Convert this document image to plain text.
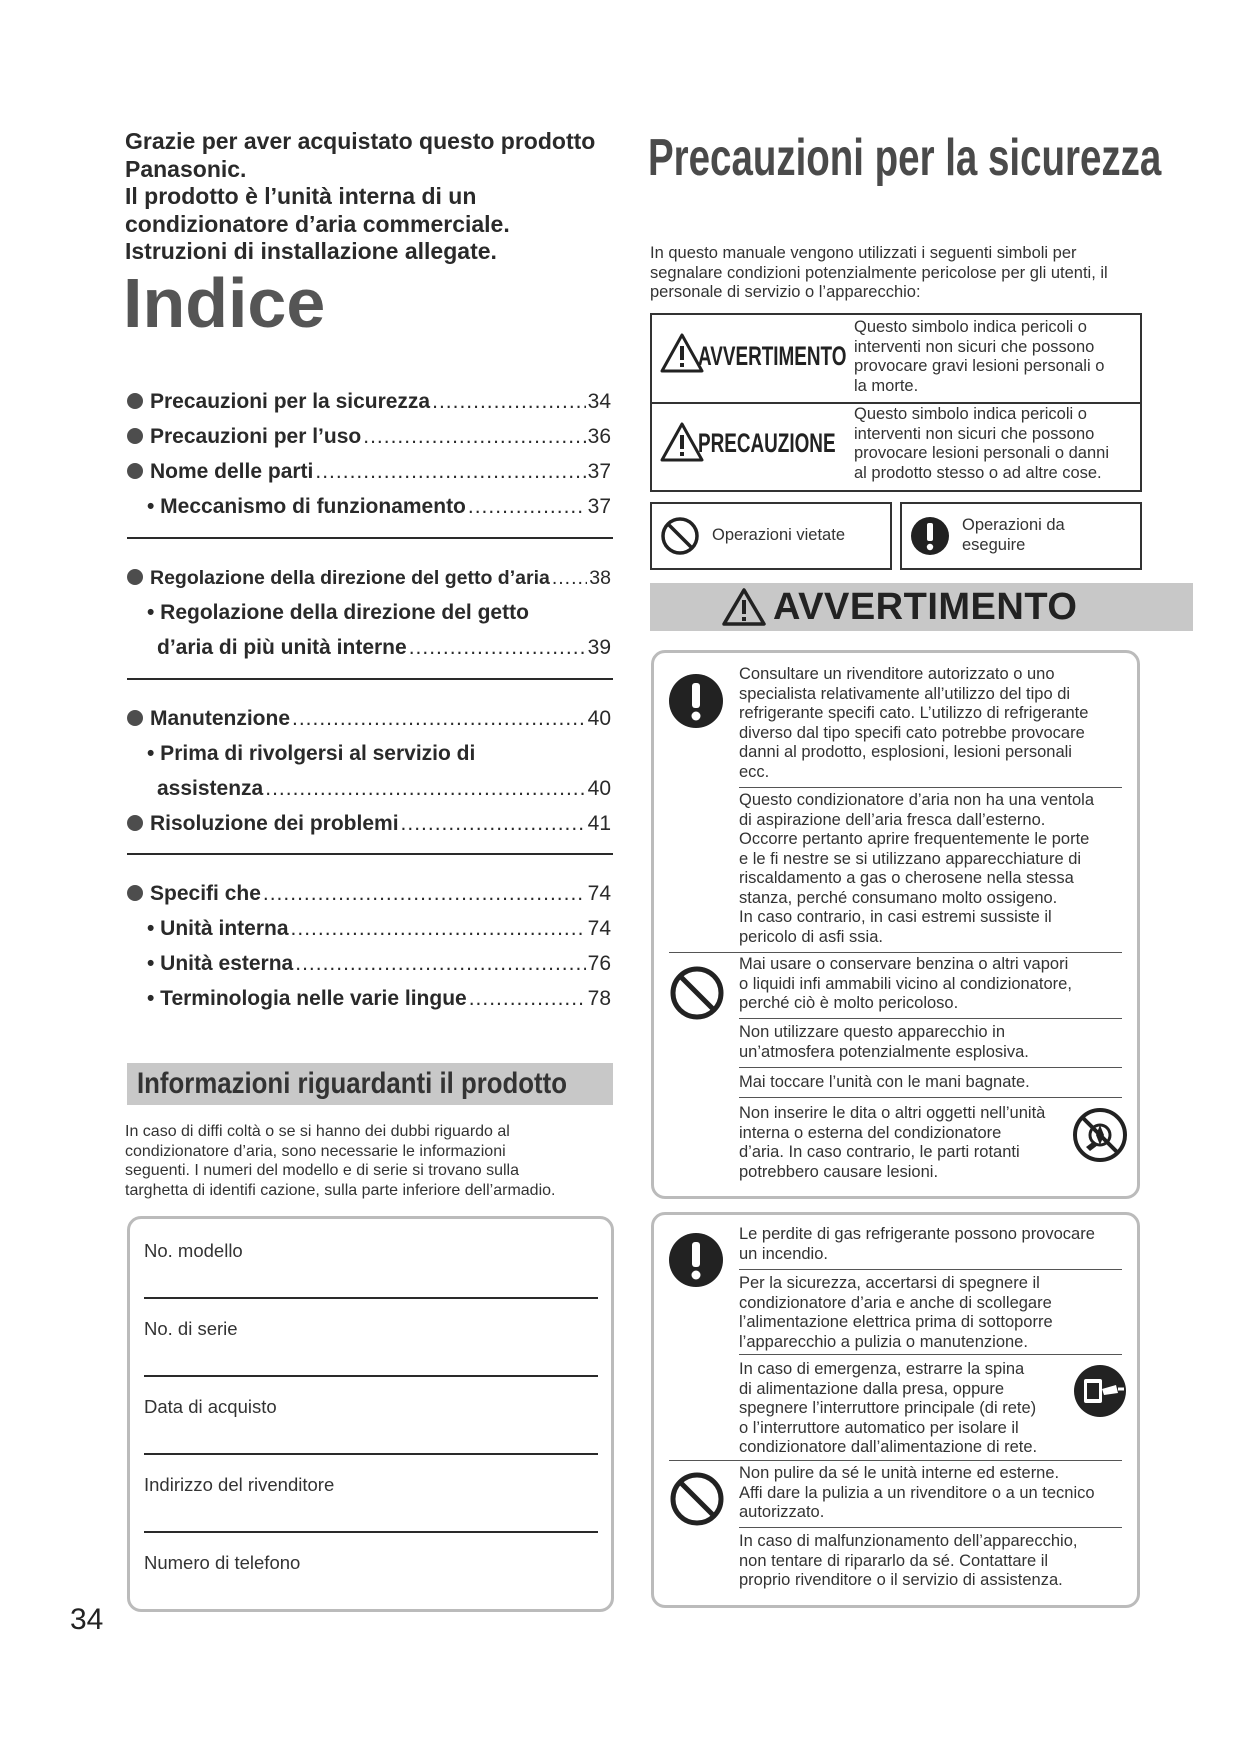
Grazie per aver acquistato questo prodotto
Panasonic.
Il prodotto è l’unità interna di un
condizionatore d’aria commerciale.
Istruzioni di installazione allegate.
Indice
Precauzioni per la sicurezza .....	34
Precauzioni per l’uso .....	36
Nome delle parti .....	37
• Meccanismo di funzionamento .....	37
Regolazione della direzione del getto d’aria ..... 38
• Regolazione della direzione del getto
d’aria di più unità interne .....	39
Manutenzione .....	40
• Prima di rivolgersi al servizio di
assistenza .....	40
Risoluzione dei problemi .....	41
Specifi che .....	74
• Unità interna .....	74
• Unità esterna .....	76
• Terminologia nelle varie lingue .....	78
Informazioni riguardanti il prodotto
In caso di diffi coltà o se si hanno dei dubbi riguardo al
condizionatore d’aria, sono necessarie le informazioni
seguenti. I numeri del modello e di serie si trovano sulla
targhetta di identifi cazione, sulla parte inferiore dell’armadio.
No. modello
No. di serie
Data di acquisto
Indirizzo del rivenditore
Numero di telefono
34
Precauzioni per la sicurezza
In questo manuale vengono utilizzati i seguenti simboli per
segnalare condizioni potenzialmente pericolose per gli utenti, il
personale di servizio o l’apparecchio:
AVVERTIMENTO
Questo simbolo indica pericoli o
interventi non sicuri che possono
provocare gravi lesioni personali o
la morte.
PRECAUZIONE
Questo simbolo indica pericoli o
interventi non sicuri che possono
provocare lesioni personali o danni
al prodotto stesso o ad altre cose.
Operazioni vietate
Operazioni da
eseguire
AVVERTIMENTO
Consultare un rivenditore autorizzato o uno
specialista relativamente all’utilizzo del tipo di
refrigerante specifi cato. L’utilizzo di refrigerante
diverso dal tipo specifi cato potrebbe provocare
danni al prodotto, esplosioni, lesioni personali
ecc.
Questo condizionatore d’aria non ha una ventola
di aspirazione dell’aria fresca dall’esterno.
Occorre pertanto aprire frequentemente le porte
e le fi nestre se si utilizzano apparecchiature di
riscaldamento a gas o cherosene nella stessa
stanza, perché consumano molto ossigeno.
In caso contrario, in casi estremi sussiste il
pericolo di asfi ssia.
Mai usare o conservare benzina o altri vapori
o liquidi infi ammabili vicino al condizionatore,
perché ciò è molto pericoloso.
Non utilizzare questo apparecchio in
un’atmosfera potenzialmente esplosiva.
Mai toccare l’unità con le mani bagnate.
Non inserire le dita o altri oggetti nell’unità
interna o esterna del condizionatore
d’aria. In caso contrario, le parti rotanti
potrebbero causare lesioni.
Le perdite di gas refrigerante possono provocare
un incendio.
Per la sicurezza, accertarsi di spegnere il
condizionatore d’aria e anche di scollegare
l’alimentazione elettrica prima di sottoporre
l’apparecchio a pulizia o manutenzione.
In caso di emergenza, estrarre la spina
di alimentazione dalla presa, oppure
spegnere l’interruttore principale (di rete)
o l’interruttore automatico per isolare il
condizionatore dall’alimentazione di rete.
Non pulire da sé le unità interne ed esterne.
Affi dare la pulizia a un rivenditore o a un tecnico
autorizzato.
In caso di malfunzionamento dell’apparecchio,
non tentare di ripararlo da sé. Contattare il
proprio rivenditore o il servizio di assistenza.
